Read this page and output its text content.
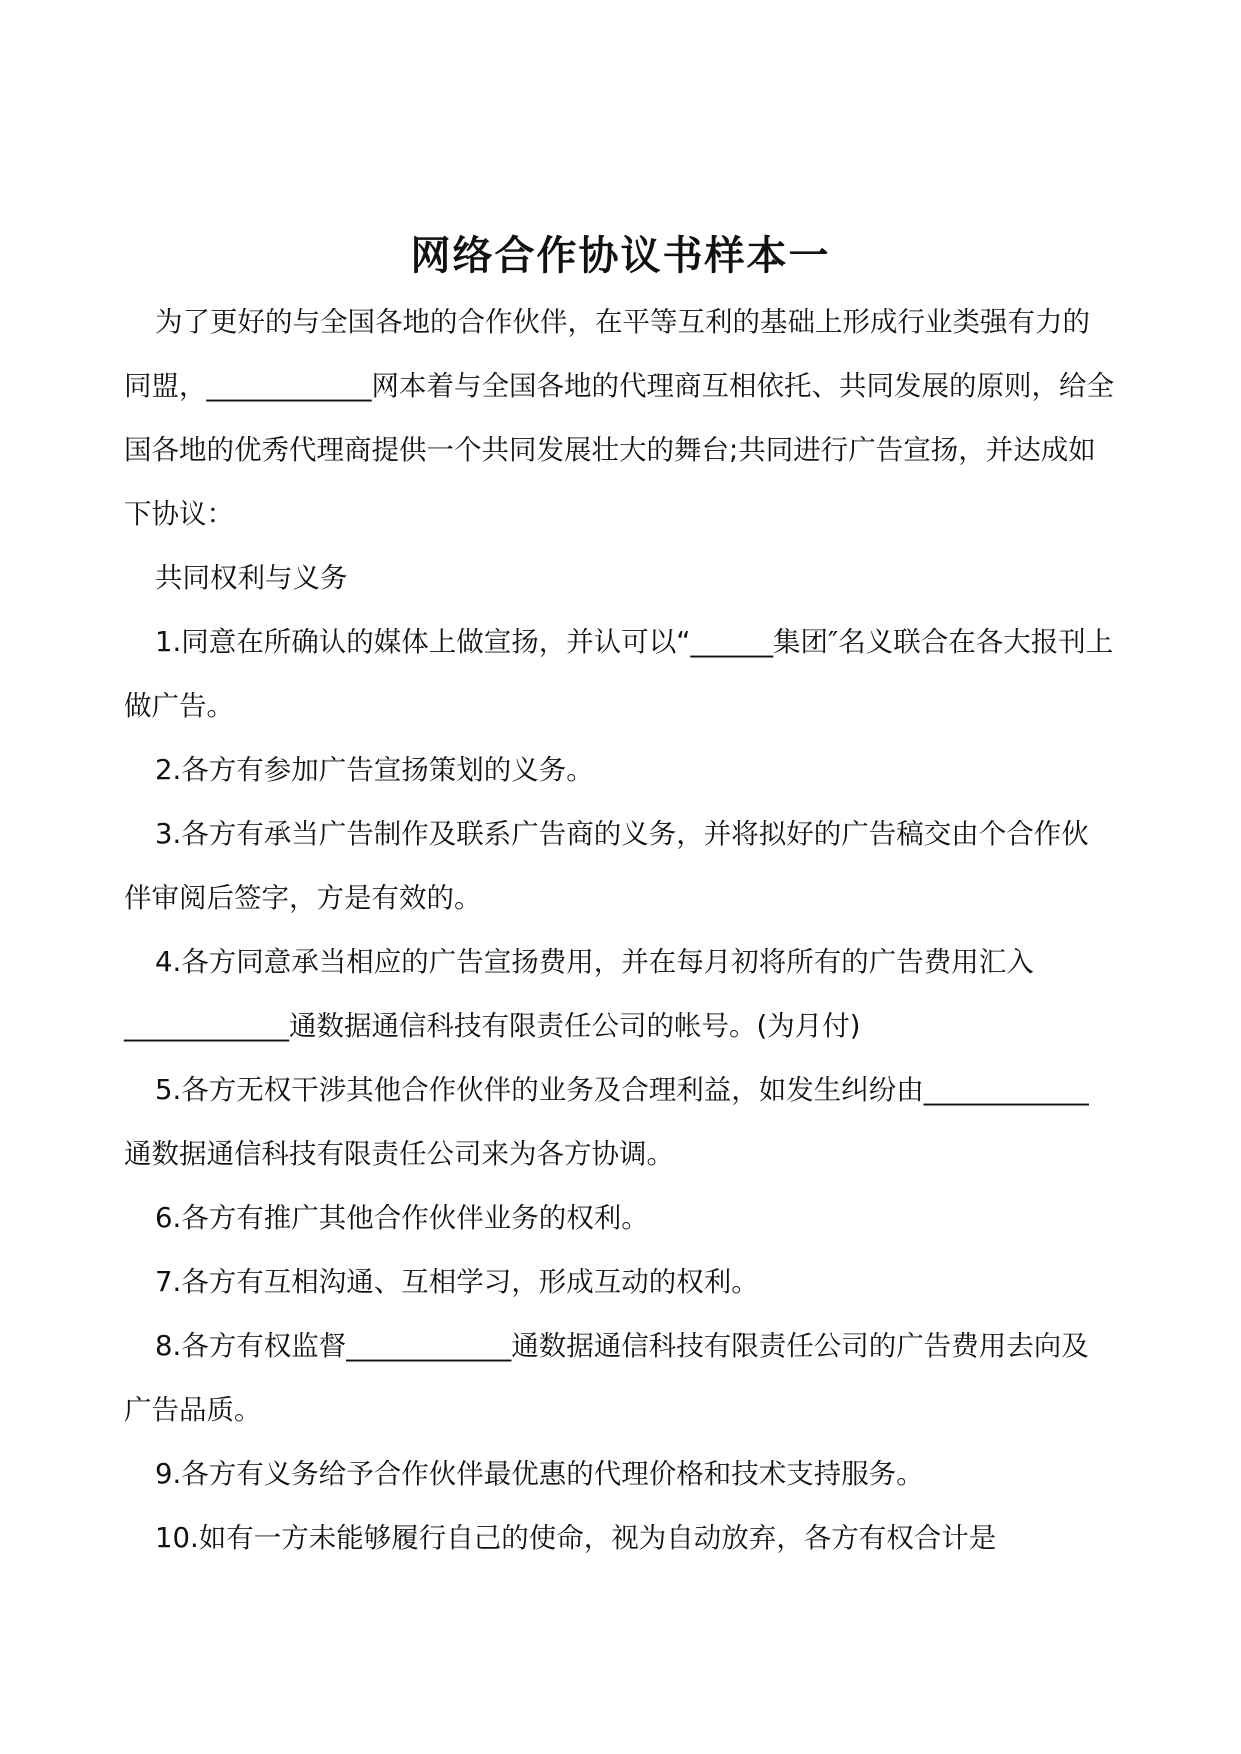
网络合作协议书样本一

为了更好的与全国各地的合作伙伴，在平等互利的基础上形成行业类强有力的同盟，____________网本着与全国各地的代理商互相依托、共同发展的原则，给全国各地的优秀代理商提供一个共同发展壮大的舞台;共同进行广告宣扬，并达成如下协议：

共同权利与义务

1.同意在所确认的媒体上做宣扬，并认可以“______集团″名义联合在各大报刊上做广告。

2.各方有参加广告宣扬策划的义务。

3.各方有承当广告制作及联系广告商的义务，并将拟好的广告稿交由个合作伙伴审阅后签字，方是有效的。

4.各方同意承当相应的广告宣扬费用，并在每月初将所有的广告费用汇入____________通数据通信科技有限责任公司的帐号。(为月付)

5.各方无权干涉其他合作伙伴的业务及合理利益，如发生纠纷由____________通数据通信科技有限责任公司来为各方协调。

6.各方有推广其他合作伙伴业务的权利。

7.各方有互相沟通、互相学习，形成互动的权利。

8.各方有权监督____________通数据通信科技有限责任公司的广告费用去向及广告品质。

9.各方有义务给予合作伙伴最优惠的代理价格和技术支持服务。

10.如有一方未能够履行自己的使命，视为自动放弃，各方有权合计是
